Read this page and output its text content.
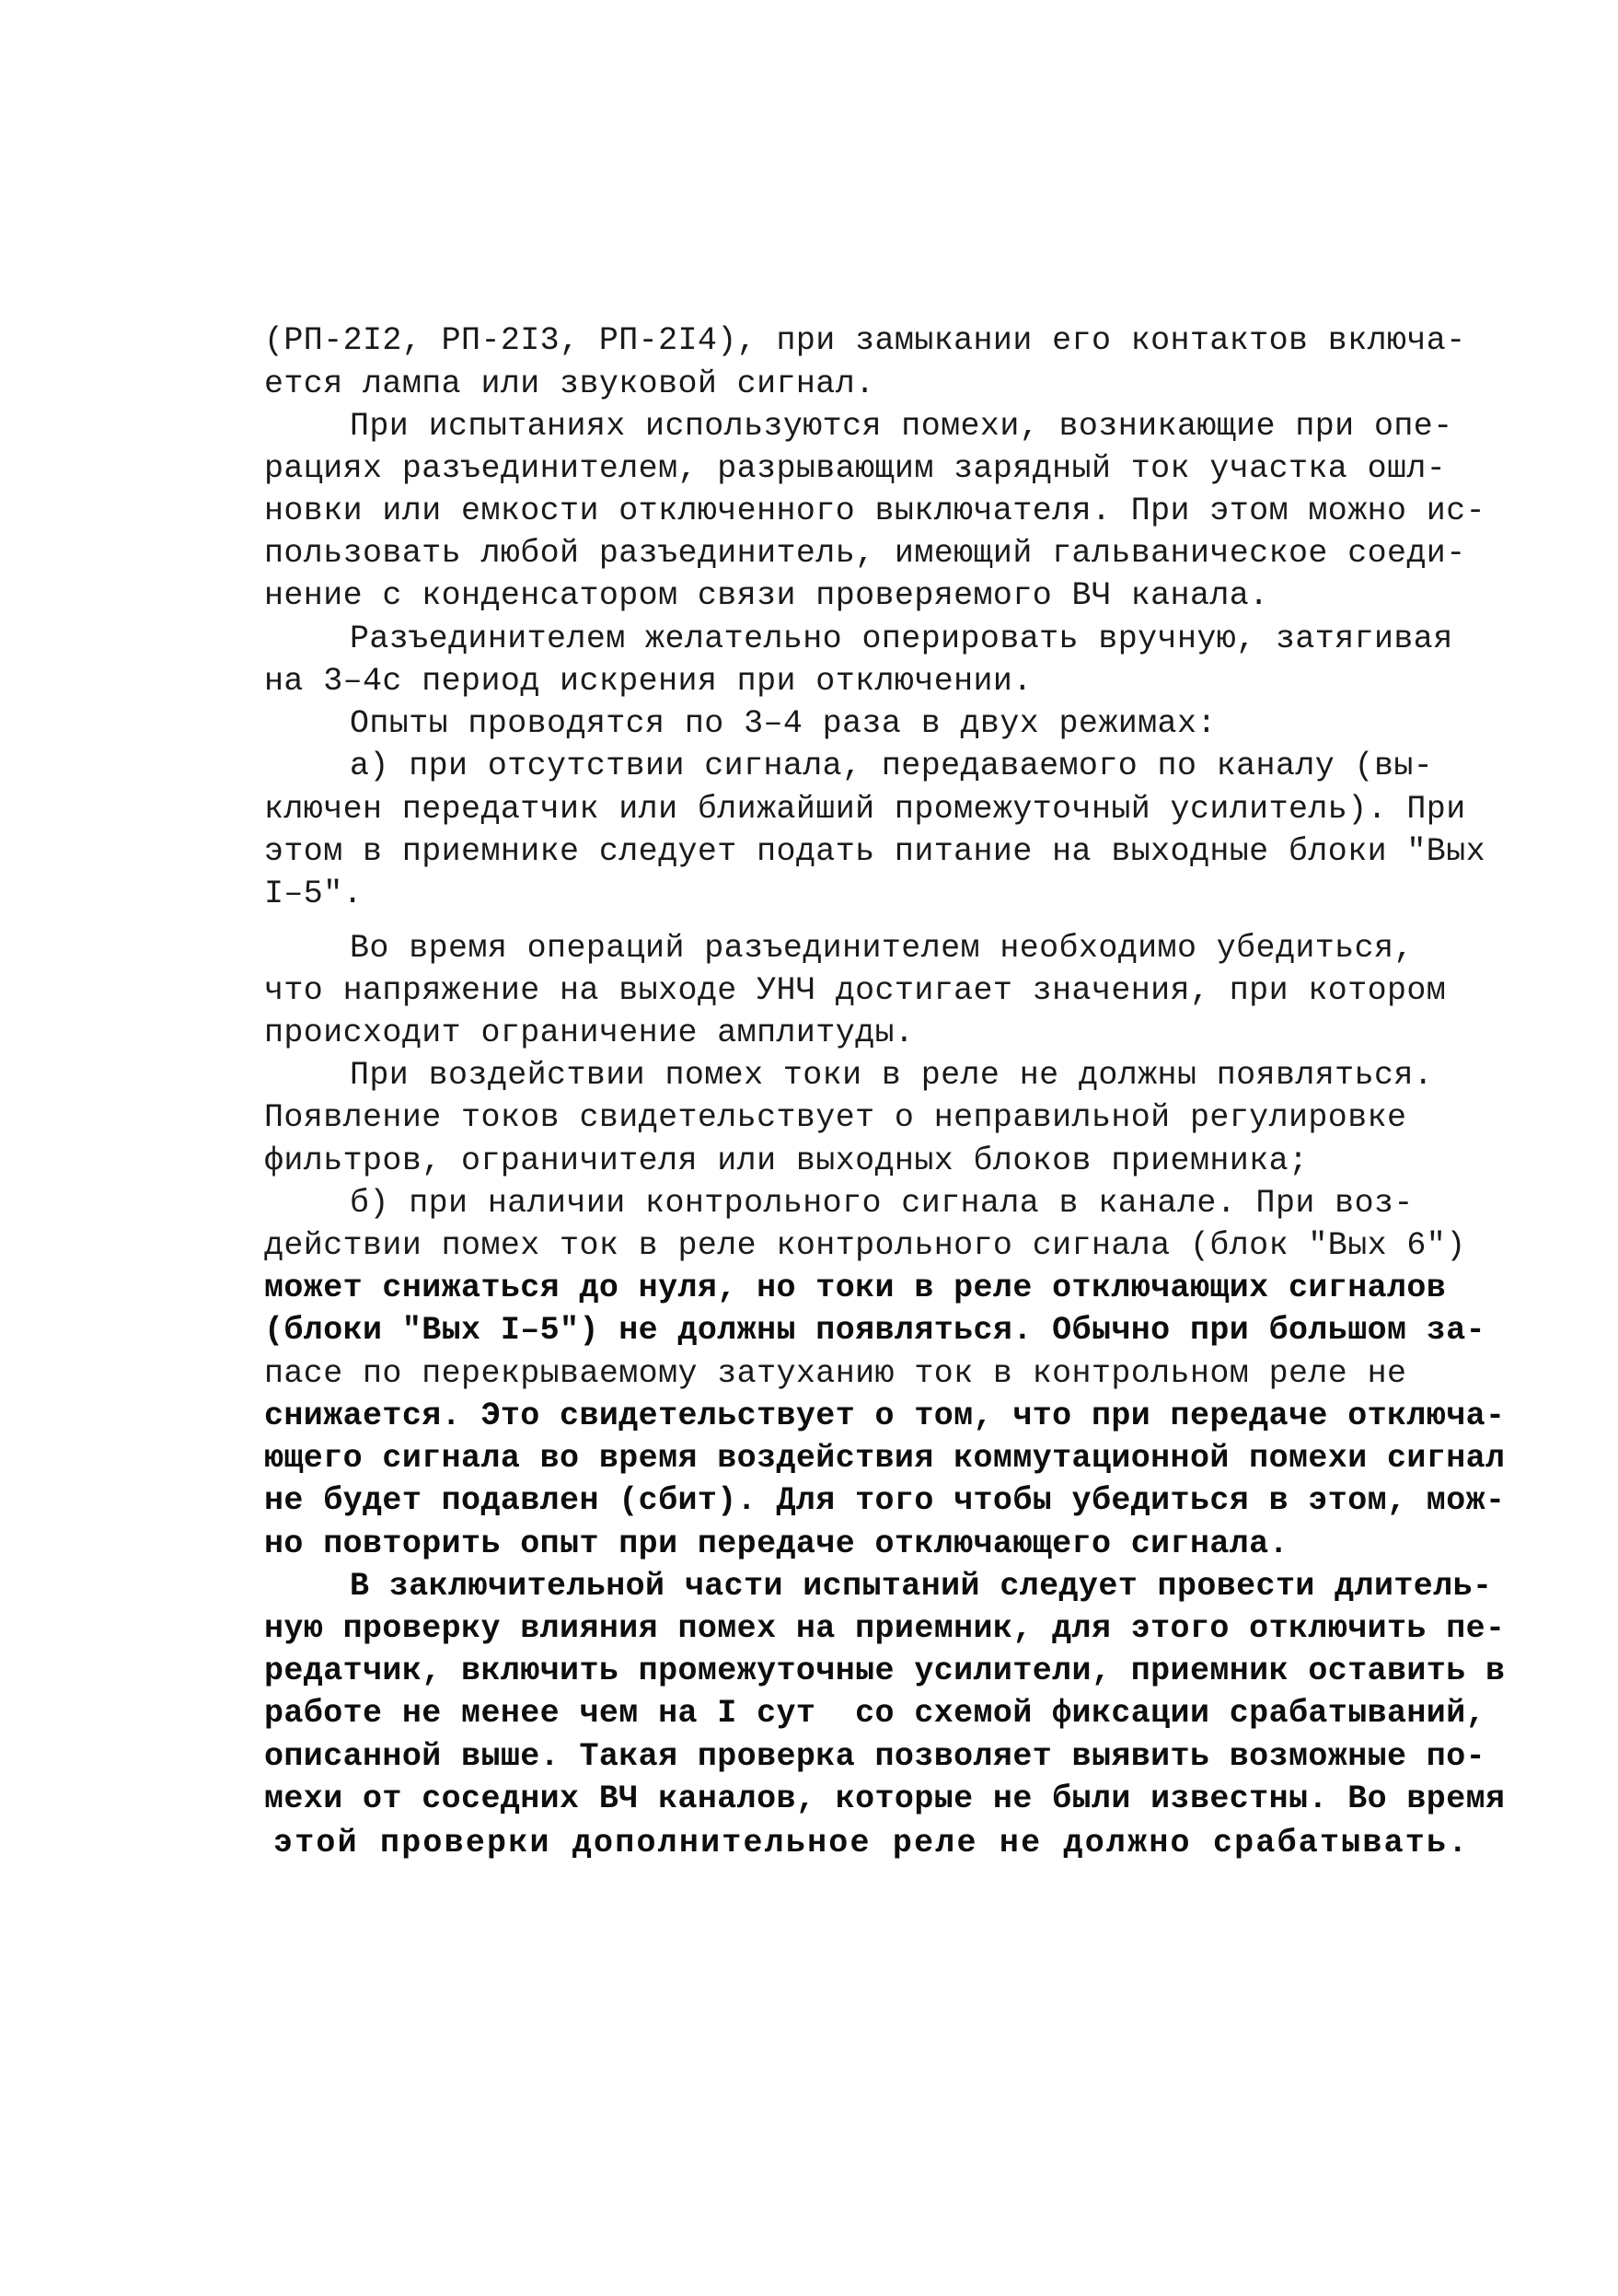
(РП-2I2, РП-2I3, РП-2I4), при замыкании его контактов включа-
ется лампа или звуковой сигнал.
При испытаниях используются помехи, возникающие при опе-
рациях разъединителем, разрывающим зарядный ток участка ошл-
новки или емкости отключенного выключателя. При этом можно ис-
пользовать любой разъединитель, имеющий гальваническое соеди-
нение с конденсатором связи проверяемого ВЧ канала.
Разъединителем желательно оперировать вручную, затягивая
на 3–4с период искрения при отключении.
Опыты проводятся по 3–4 раза в двух режимах:
а) при отсутствии сигнала, передаваемого по каналу (вы-
ключен передатчик или ближайший промежуточный усилитель). При
этом в приемнике следует подать питание на выходные блоки "Вых
I–5".
Во время операций разъединителем необходимо убедиться,
что напряжение на выходе УНЧ достигает значения, при котором
происходит ограничение амплитуды.
При воздействии помех токи в реле не должны появляться.
Появление токов свидетельствует о неправильной регулировке
фильтров, ограничителя или выходных блоков приемника;
б) при наличии контрольного сигнала в канале. При воз-
действии помех ток в реле контрольного сигнала (блок "Вых 6")
может снижаться до нуля, но токи в реле отключающих сигналов
(блоки "Вых I–5") не должны появляться. Обычно при большом за-
пасе по перекрываемому затуханию ток в контрольном реле не
снижается. Это свидетельствует о том, что при передаче отключа-
ющего сигнала во время воздействия коммутационной помехи сигнал
не будет подавлен (сбит). Для того чтобы убедиться в этом, мож-
но повторить опыт при передаче отключающего сигнала.
В заключительной части испытаний следует провести длитель-
ную проверку влияния помех на приемник, для этого отключить пе-
редатчик, включить промежуточные усилители, приемник оставить в
работе не менее чем на I сут  со схемой фиксации срабатываний,
описанной выше. Такая проверка позволяет выявить возможные по-
мехи от соседних ВЧ каналов, которые не были известны. Во время
этой проверки дополнительное реле не должно срабатывать.
